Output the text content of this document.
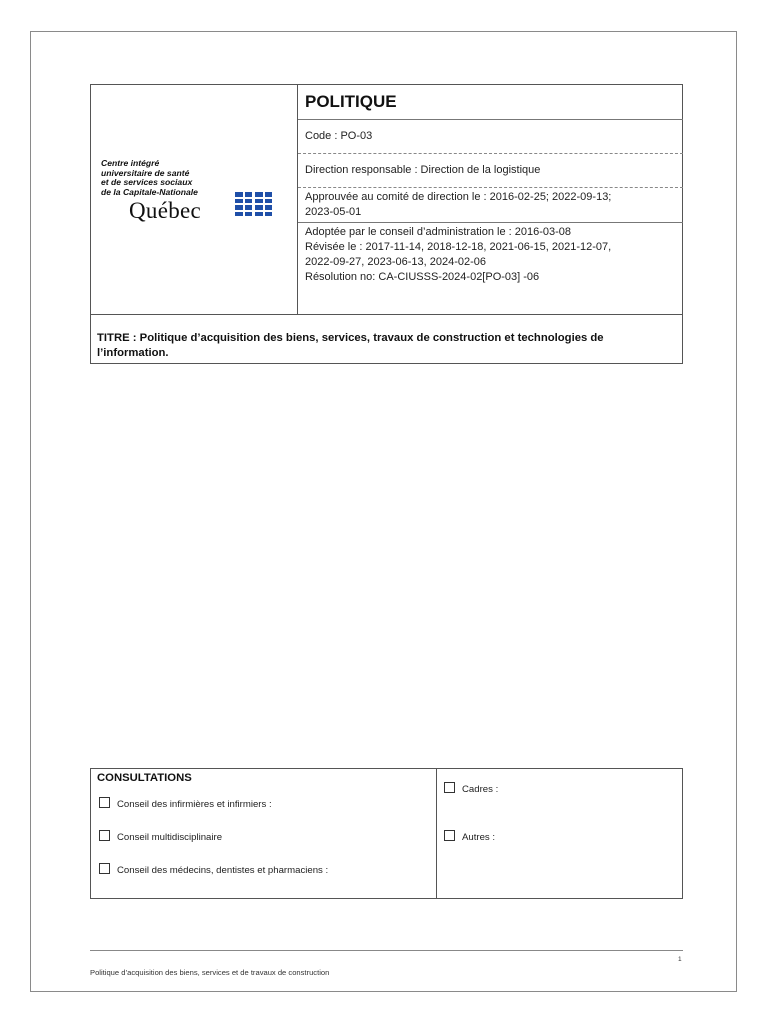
Centre intégré
universitaire de santé
et de services sociaux
de la Capitale-Nationale
Québec
POLITIQUE
Code : PO-03
Direction responsable : Direction de la logistique
Approuvée au comité de direction le : 2016-02-25; 2022-09-13;
2023-05-01
Adoptée par le conseil d’administration le : 2016-03-08
Révisée le : 2017-11-14, 2018-12-18, 2021-06-15, 2021-12-07,
2022-09-27, 2023-06-13, 2024-02-06
Résolution no: CA-CIUSSS-2024-02[PO-03] -06
TITRE : Politique d’acquisition des biens, services, travaux de construction et technologies de
l’information.
CONSULTATIONS
Conseil des infirmières et infirmiers :
Conseil multidisciplinaire
Conseil des médecins, dentistes et pharmaciens :
Cadres :
Autres :
1
Politique d’acquisition des biens, services et de travaux de construction
